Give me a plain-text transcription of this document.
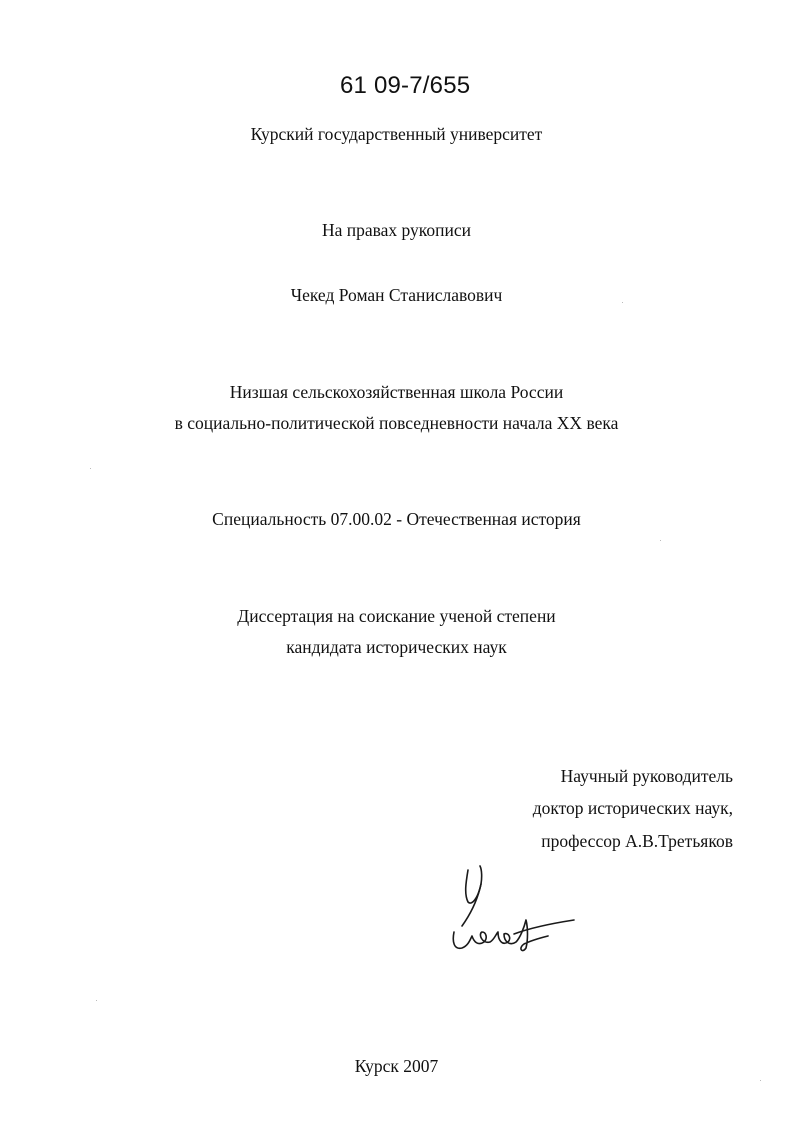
61 09-7/655
Курский государственный университет
На правах рукописи
Чекед Роман Станиславович
Низшая сельскохозяйственная школа России
в социально-политической повседневности начала XX века
Специальность 07.00.02 - Отечественная история
Диссертация на соискание ученой степени
кандидата исторических наук
Научный руководитель
доктор исторических наук,
профессор А.В.Третьяков
Курск 2007
